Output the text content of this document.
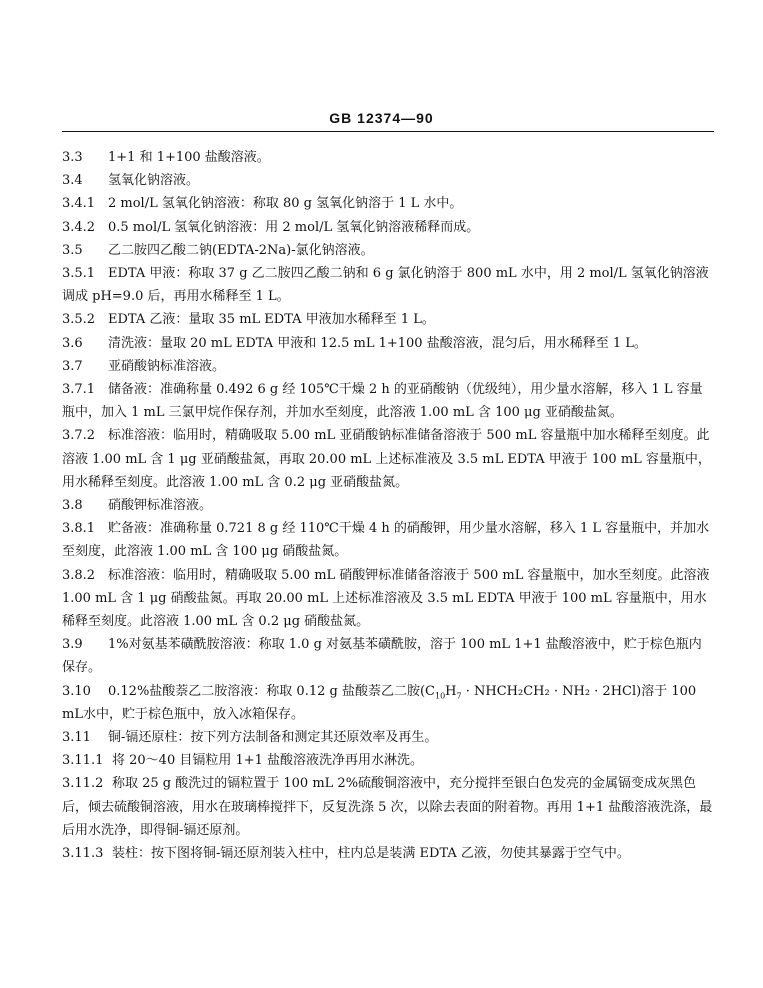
GB 12374—90

3.3 1+1 和 1+100 盐酸溶液。

3.4 氢氧化钠溶液。

3.4.1 2 mol/L 氢氧化钠溶液：称取 80 g 氢氧化钠溶于 1 L 水中。

3.4.2 0.5 mol/L 氢氧化钠溶液：用 2 mol/L 氢氧化钠溶液稀释而成。

3.5 乙二胺四乙酸二钠(EDTA-2Na)-氯化钠溶液。

3.5.1 EDTA 甲液：称取 37 g 乙二胺四乙酸二钠和 6 g 氯化钠溶于 800 mL 水中，用 2 mol/L 氢氧化钠溶液调成 pH=9.0 后，再用水稀释至 1 L。

3.5.2 EDTA 乙液：量取 35 mL EDTA 甲液加水稀释至 1 L。

3.6 清洗液：量取 20 mL EDTA 甲液和 12.5 mL 1+100 盐酸溶液，混匀后，用水稀释至 1 L。

3.7 亚硝酸钠标准溶液。

3.7.1 储备液：准确称量 0.492 6 g 经 105℃干燥 2 h 的亚硝酸钠（优级纯），用少量水溶解，移入 1 L 容量瓶中，加入 1 mL 三氯甲烷作保存剂，并加水至刻度，此溶液 1.00 mL 含 100 μg 亚硝酸盐氮。

3.7.2 标准溶液：临用时，精确吸取 5.00 mL 亚硝酸钠标准储备溶液于 500 mL 容量瓶中加水稀释至刻度。此溶液 1.00 mL 含 1 μg 亚硝酸盐氮，再取 20.00 mL 上述标准液及 3.5 mL EDTA 甲液于 100 mL 容量瓶中，用水稀释至刻度。此溶液 1.00 mL 含 0.2 μg 亚硝酸盐氮。

3.8 硝酸钾标准溶液。

3.8.1 贮备液：准确称量 0.721 8 g 经 110℃干燥 4 h 的硝酸钾，用少量水溶解，移入 1 L 容量瓶中，并加水至刻度，此溶液 1.00 mL 含 100 μg 硝酸盐氮。

3.8.2 标准溶液：临用时，精确吸取 5.00 mL 硝酸钾标准储备溶液于 500 mL 容量瓶中，加水至刻度。此溶液 1.00 mL 含 1 μg 硝酸盐氮。再取 20.00 mL 上述标准溶液及 3.5 mL EDTA 甲液于 100 mL 容量瓶中，用水稀释至刻度。此溶液 1.00 mL 含 0.2 μg 硝酸盐氮。

3.9 1%对氨基苯磺酰胺溶液：称取 1.0 g 对氨基苯磺酰胺，溶于 100 mL 1+1 盐酸溶液中，贮于棕色瓶内保存。

3.10 0.12%盐酸萘乙二胺溶液：称取 0.12 g 盐酸萘乙二胺($C_{10}H_7$ · NHCH₂CH₂ · NH₂ · 2HCl)溶于 100 mL水中，贮于棕色瓶中，放入冰箱保存。

3.11 铜-镉还原柱：按下列方法制备和测定其还原效率及再生。

3.11.1 将 20～40 目镉粒用 1+1 盐酸溶液洗净再用水淋洗。

3.11.2 称取 25 g 酸洗过的镉粒置于 100 mL 2%硫酸铜溶液中，充分搅拌至银白色发亮的金属镉变成灰黑色后，倾去硫酸铜溶液，用水在玻璃棒搅拌下，反复洗涤 5 次，以除去表面的附着物。再用 1+1 盐酸溶液洗涤，最后用水洗净，即得铜-镉还原剂。

3.11.3 装柱：按下图将铜-镉还原剂装入柱中，柱内总是装满 EDTA 乙液，勿使其暴露于空气中。
